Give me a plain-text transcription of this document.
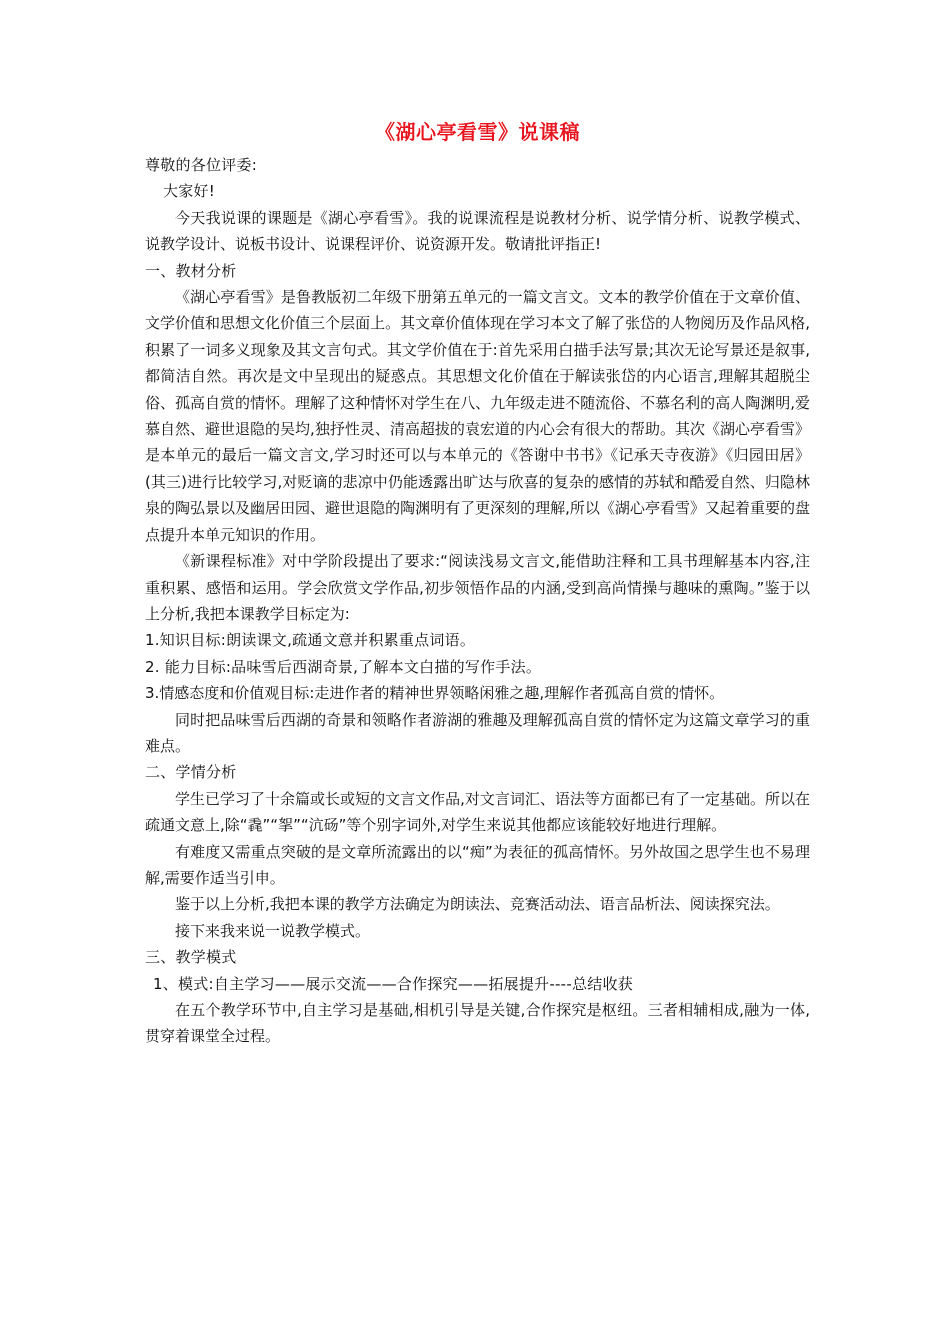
《湖心亭看雪》说课稿
尊敬的各位评委:
大家好!

今天我说课的课题是《湖心亭看雪》。我的说课流程是说教材分析、说学情分析、说教学模式、说教学设计、说板书设计、说课程评价、说资源开发。敬请批评指正!

一、教材分析

《湖心亭看雪》是鲁教版初二年级下册第五单元的一篇文言文。文本的教学价值在于文章价值、文学价值和思想文化价值三个层面上。其文章价值体现在学习本文了解了张岱的人物阅历及作品风格,积累了一词多义现象及其文言句式。其文学价值在于:首先采用白描手法写景;其次无论写景还是叙事,都简洁自然。再次是文中呈现出的疑惑点。其思想文化价值在于解读张岱的内心语言,理解其超脱尘俗、孤高自赏的情怀。理解了这种情怀对学生在八、九年级走进不随流俗、不慕名利的高人陶渊明,爱慕自然、避世退隐的吴均,独抒性灵、清高超拔的袁宏道的内心会有很大的帮助。其次《湖心亭看雪》是本单元的最后一篇文言文,学习时还可以与本单元的《答谢中书书》《记承天寺夜游》《归园田居》(其三)进行比较学习,对贬谪的悲凉中仍能透露出旷达与欣喜的复杂的感情的苏轼和酷爱自然、归隐林泉的陶弘景以及幽居田园、避世退隐的陶渊明有了更深刻的理解,所以《湖心亭看雪》又起着重要的盘点提升本单元知识的作用。

《新课程标准》对中学阶段提出了要求:“阅读浅易文言文,能借助注释和工具书理解基本内容,注重积累、感悟和运用。学会欣赏文学作品,初步领悟作品的内涵,受到高尚情操与趣味的熏陶。”鉴于以上分析,我把本课教学目标定为:

1.知识目标:朗读课文,疏通文意并积累重点词语。
2. 能力目标:品味雪后西湖奇景,了解本文白描的写作手法。
3.情感态度和价值观目标:走进作者的精神世界领略闲雅之趣,理解作者孤高自赏的情怀。

同时把品味雪后西湖的奇景和领略作者游湖的雅趣及理解孤高自赏的情怀定为这篇文章学习的重难点。

二、学情分析

学生已学习了十余篇或长或短的文言文作品,对文言词汇、语法等方面都已有了一定基础。所以在疏通文意上,除“毳”“挐”“沆砀”等个别字词外,对学生来说其他都应该能较好地进行理解。

有难度又需重点突破的是文章所流露出的以“痴”为表征的孤高情怀。另外故国之思学生也不易理解,需要作适当引申。

鉴于以上分析,我把本课的教学方法确定为朗读法、竞赛活动法、语言品析法、阅读探究法。

接下来我来说一说教学模式。

三、教学模式
1、模式:自主学习——展示交流——合作探究——拓展提升----总结收获

在五个教学环节中,自主学习是基础,相机引导是关键,合作探究是枢纽。三者相辅相成,融为一体,贯穿着课堂全过程。
